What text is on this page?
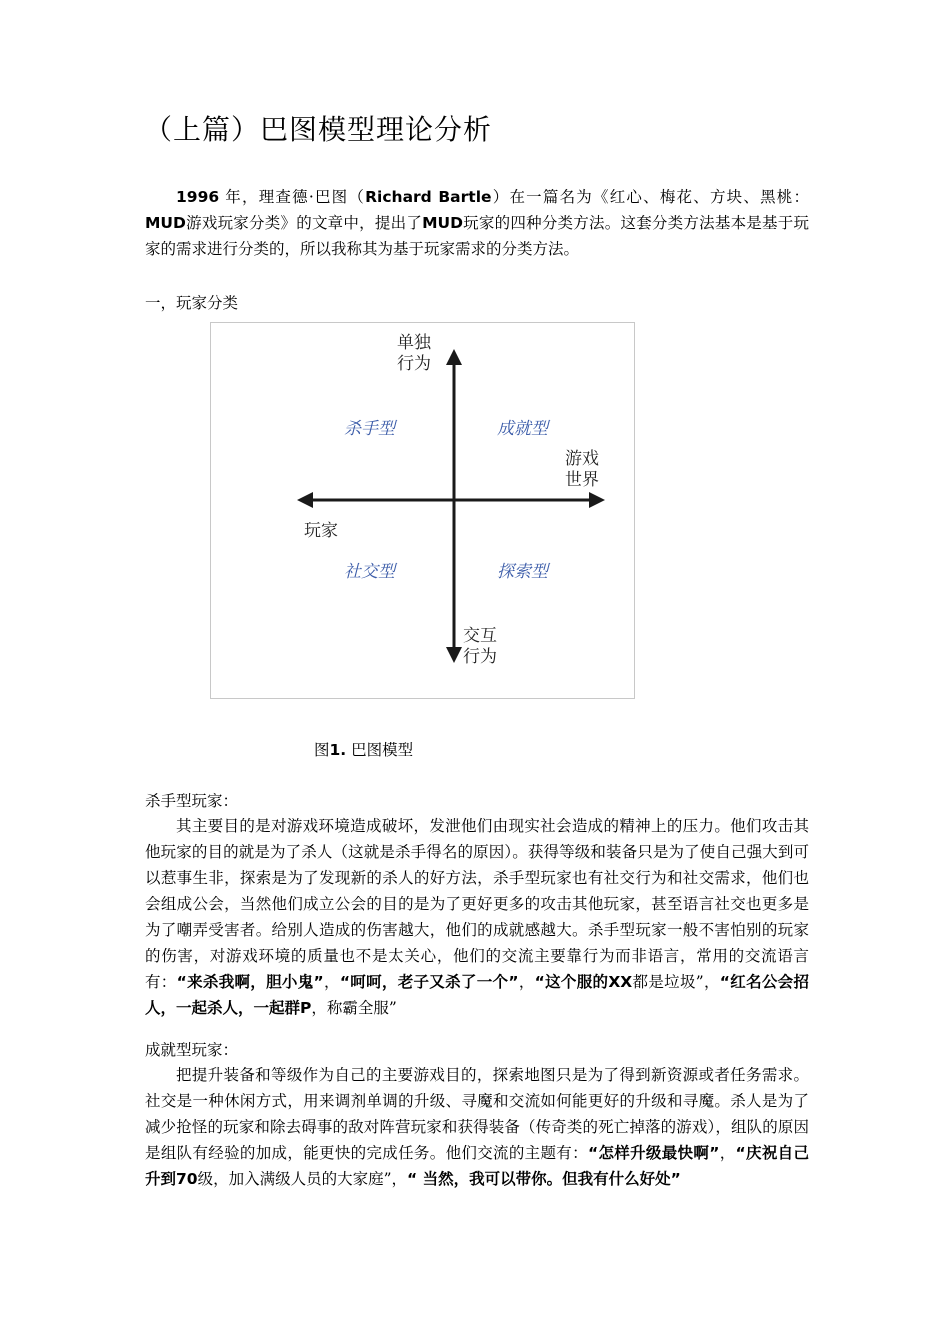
（上篇）巴图模型理论分析

1996 年，理查德·巴图（Richard Bartle）在一篇名为《红心、梅花、方块、黑桃：MUD游戏玩家分类》的文章中，提出了MUD玩家的四种分类方法。这套分类方法基本是基于玩家的需求进行分类的，所以我称其为基于玩家需求的分类方法。

一，玩家分类

单独
行为
游戏
世界
玩家
交互
行为
杀手型	成就型
社交型	探索型
图1. 巴图模型

杀手型玩家：

其主要目的是对游戏环境造成破坏，发泄他们由现实社会造成的精神上的压力。他们攻击其他玩家的目的就是为了杀人（这就是杀手得名的原因）。获得等级和装备只是为了使自己强大到可以惹事生非，探索是为了发现新的杀人的好方法，杀手型玩家也有社交行为和社交需求，他们也会组成公会，当然他们成立公会的目的是为了更好更多的攻击其他玩家，甚至语言社交也更多是为了嘲弄受害者。给别人造成的伤害越大，他们的成就感越大。杀手型玩家一般不害怕别的玩家的伤害，对游戏环境的质量也不是太关心，他们的交流主要靠行为而非语言，常用的交流语言有：“来杀我啊，胆小鬼”，“呵呵，老子又杀了一个”，“这个服的XX都是垃圾”，“红名公会招人，一起杀人，一起群P，称霸全服”

成就型玩家：

把提升装备和等级作为自己的主要游戏目的，探索地图只是为了得到新资源或者任务需求。社交是一种休闲方式，用来调剂单调的升级、寻魔和交流如何能更好的升级和寻魔。杀人是为了减少抢怪的玩家和除去碍事的敌对阵营玩家和获得装备（传奇类的死亡掉落的游戏），组队的原因是组队有经验的加成，能更快的完成任务。他们交流的主题有：“怎样升级最快啊”，“庆祝自己升到70级，加入满级人员的大家庭”，“ 当然，我可以带你。但我有什么好处”
